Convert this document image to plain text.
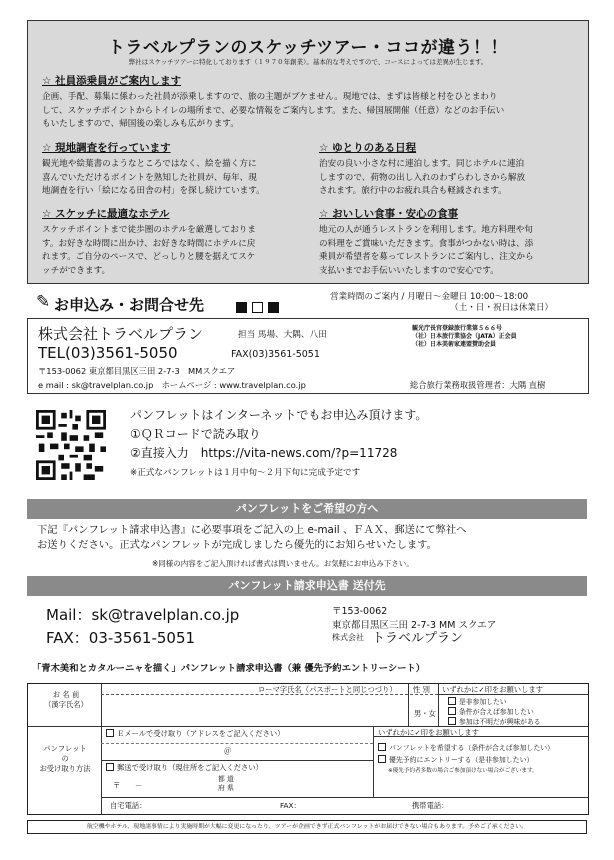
トラベルプランのスケッチツアー・ココが違う！！
弊社はスケッチツアーに特化しております（１９７０年創業）。基本的な考えですので、コースによっては差異が生じます。
☆ 社員添乗員がご案内します
企画、手配、募集に係わった社員が添乗しますので、旅の主題がブケません。現地では、まずは皆様と村をひとまわり
して、スケッチポイントからトイレの場所まで、必要な情報をご案内します。また、帰国展開催（任意）などのお手伝い
もいたしますので、帰国後の楽しみも広がります。
☆ 現地調査を行っています
観光地や絵葉書のようなところではなく、絵を描く方に
喜んでいただけるポイントを熟知した社員が、毎年、現
地調査を行い「絵になる田舎の村」を探し続けています。
☆ ゆとりのある日程
治安の良い小さな村に連泊します。同じホテルに連泊
しますので、荷物の出し入れのわずらわしさから解放
されます。旅行中のお疲れ具合も軽減されます。
☆ スケッチに最適なホテル
スケッチポイントまで徒歩圏のホテルを厳選しておりま
す。お好きな時間に出かけ、お好きな時間にホテルに戻
れます。ご自分のペースで、どっしりと腰を据えてスケ
ッチができます。
☆ おいしい食事・安心の食事
地元の人が通うレストランを利用します。地方料理や旬
の料理をご賞味いただきます。食事がつかない時は、添
乗員が希望者を募ってレストランにご案内し、注文から
支払いまでお手伝いいたしますので安心です。
✎ お申込み・お問合せ先
	営業時間のご案内 / 月曜日～金曜日 10:00～18:00
（土・日・祝日は休業日）
株式会社トラベルプラン	担当 馬場、大隅、八田
TEL(03)3561-5050	FAX(03)3561-5051
〒153-0062 東京都目黒区三田 2-7-3　MMスクエア
e mail : sk@travelplan.co.jp　ホームページ : www.travelplan.co.jp
観光庁長官登録旅行業第５６６号
（社）日本旅行業協会（JATA）正会員
（社）日本美術家連盟賛助会員
総合旅行業務取扱管理者：大隅 直樹
パンフレットはインターネットでもお申込み頂けます。
①ＱＲコードで読み取り
②直接入力　https://vita-news.com/?p=11728
※正式なパンフレットは１月中旬～２月下旬に完成予定です
パンフレットをご希望の方へ
下記『パンフレット請求申込書』に必要事項をご記入の上 e-mail 、ＦＡＸ、郵送にて弊社へ
お送りください。正式なパンフレットが完成しましたら優先的にお知らせいたします。
※同様の内容をご記入頂ければ書式は問いません。お気軽にお申込み下さい。
パンフレット請求申込書 送付先
Mail：sk@travelplan.co.jp
FAX：03-3561-5051
〒153-0062
東京都目黒区三田 2-7-3 MM スクエア
株式会社 トラベルプラン
「青木美和とカタルーニャを描く」パンフレット請求申込書（兼 優先予約エントリーシート）
お 名 前
（漢字氏名）
ローマ字氏名（パスポートと同じつづり） 性 別
男・女
いずれかに✓印をお願いします
是非参加したい
条件が合えば参加したい
参加は不明だが興味がある
パンフレット
の
お受け取り方法
Ｅメールで受け取り（アドレスをご記入ください）
＠
郵送で受け取り（現住所をご記入ください）
〒　　－
都 道
府 県
いずれかに✓印をお願いします
パンフレットを希望する（条件が合えば参加したい）
優先予約にエントリーする（是非参加したい）
※優先予約者多数の場合ご参加頂けない場合がございます。
自宅電話：	FAX：	携帯電話：
航空機やホテル、現地諸事情により実施時期が大幅に変更になったり、ツアーが企画できず正式パンフレットがお届けできない場合もあります。予めご了承ください。
